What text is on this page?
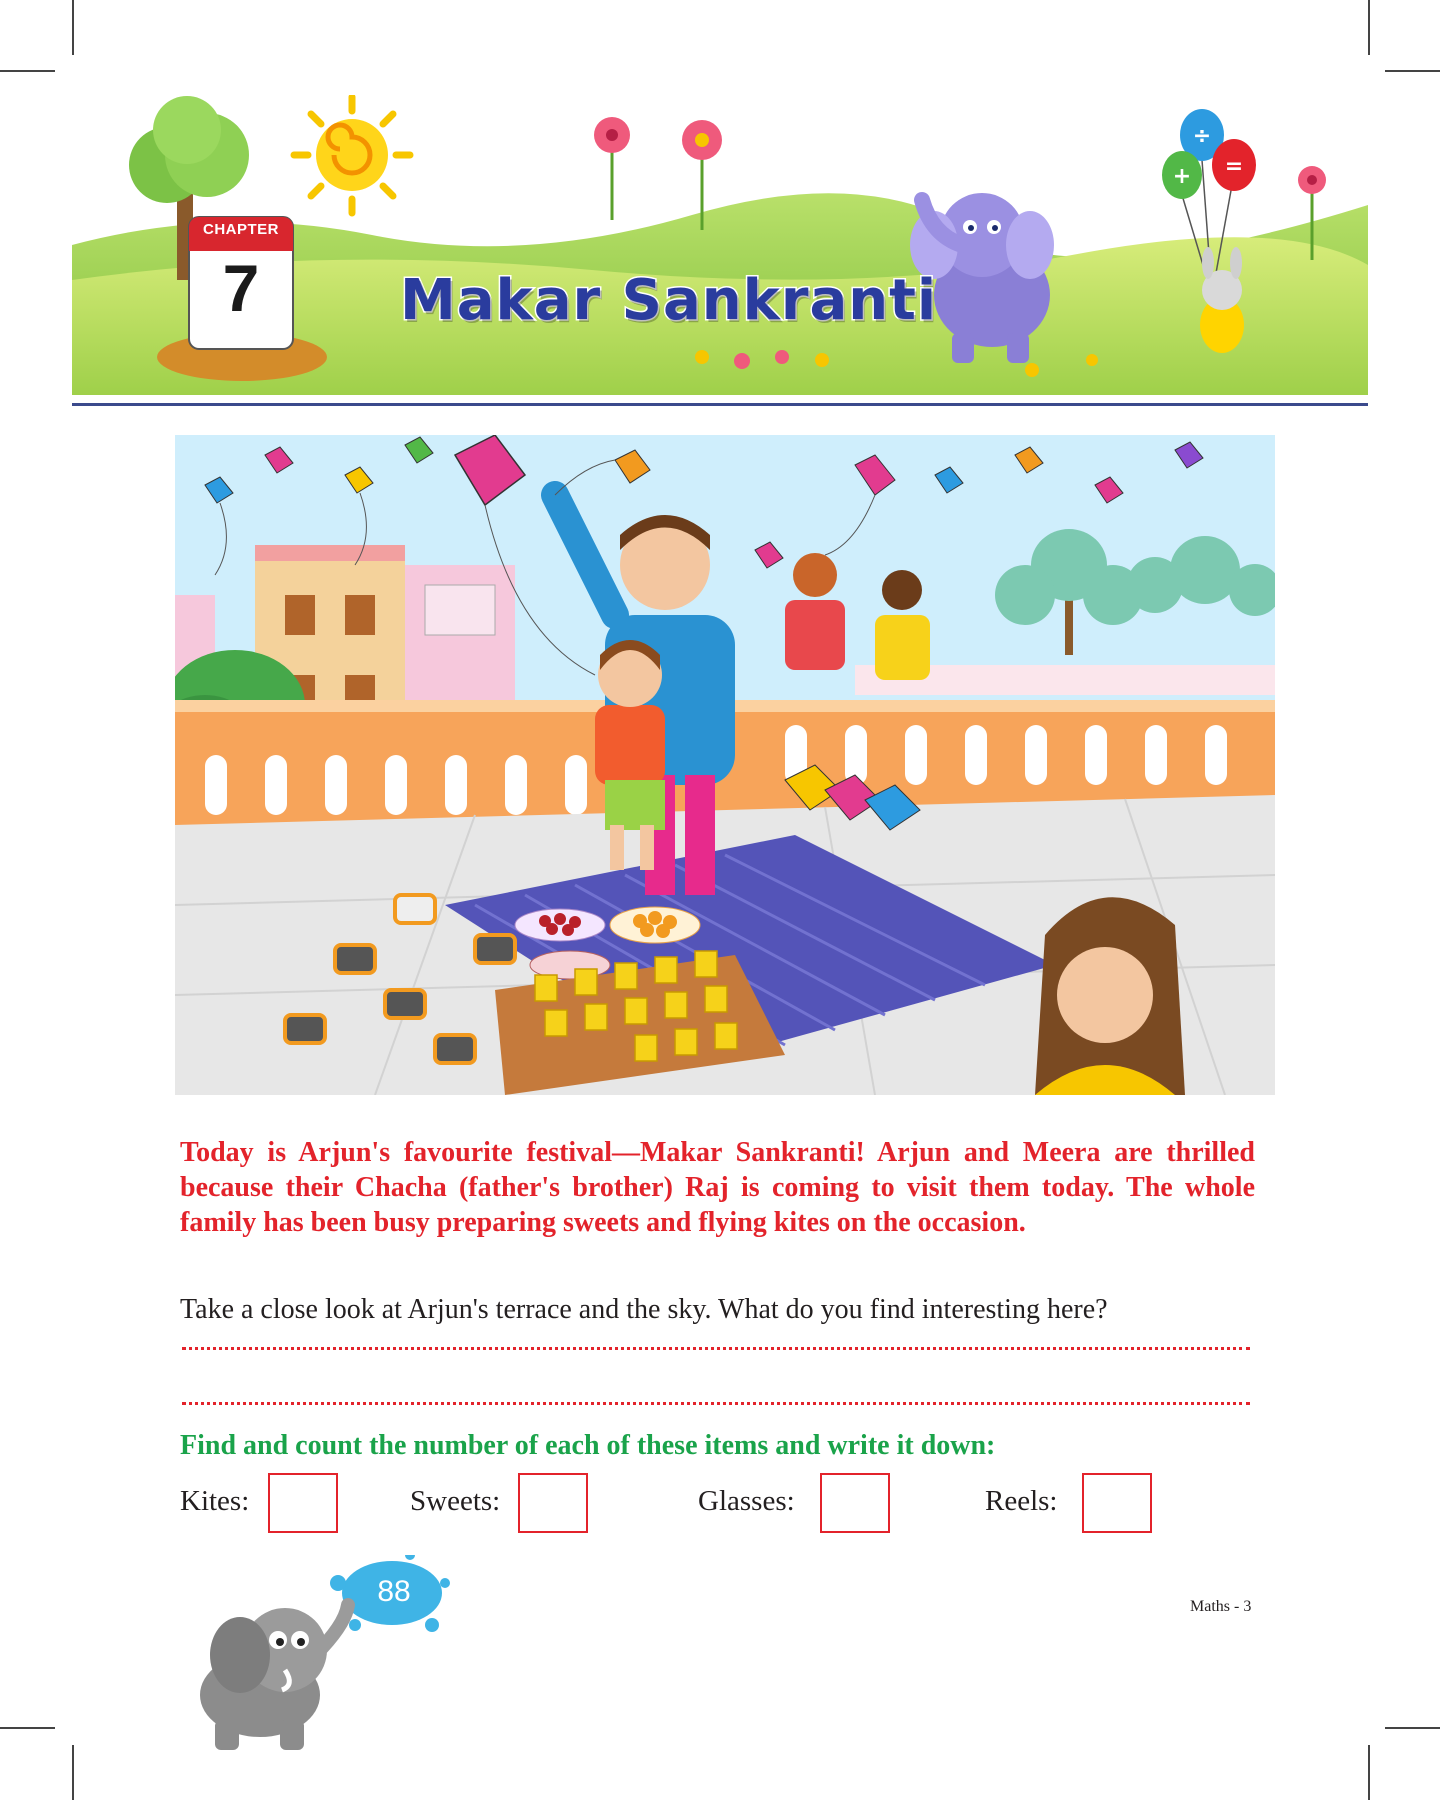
÷
+ =
CHAPTER
7	Makar Sankranti

Today is Arjun's favourite festival—Makar Sankranti! Arjun and Meera are thrilled because their Chacha (father's brother) Raj is coming to visit them today. The whole family has been busy preparing sweets and flying kites on the occasion.

Take a close look at Arjun's terrace and the sky. What do you find interesting here?

Find and count the number of each of these items and write it down:

Kites:	Sweets:	Glasses:	Reels:
88	Maths - 3
